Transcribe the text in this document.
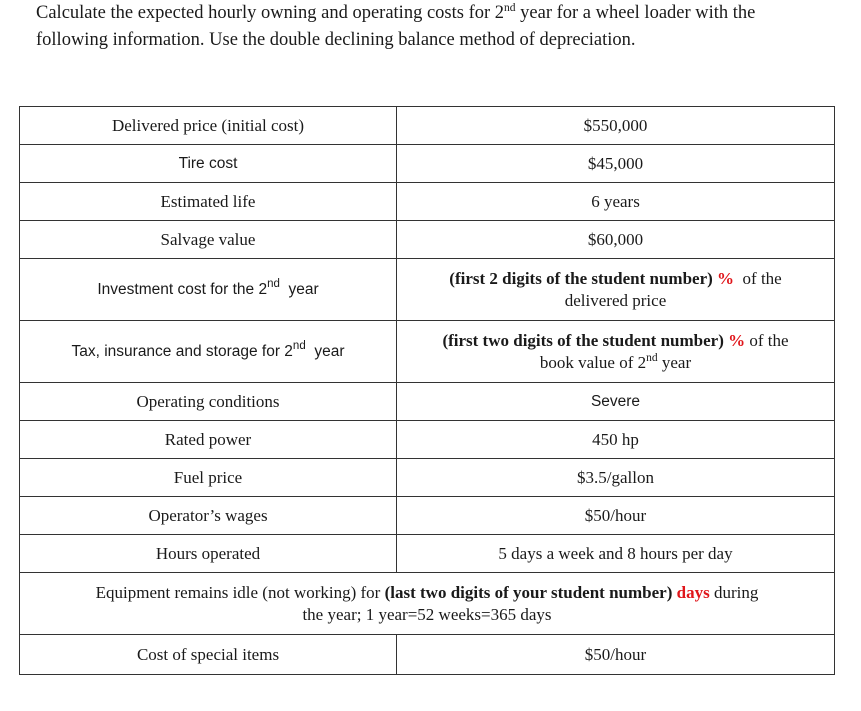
Calculate the expected hourly owning and operating costs for 2nd year for a wheel loader with the
following information. Use the double declining balance method of depreciation.

Delivered price (initial cost)	$550,000
Tire cost	$45,000
Estimated life	6 years
Salvage value	$60,000
Investment cost for the 2nd year	(first 2 digits of the student number) % of the
delivered price
Tax, insurance and storage for 2nd year	(first two digits of the student number) % of the
book value of 2nd year
Operating conditions	Severe
Rated power	450 hp
Fuel price	$3.5/gallon
Operator’s wages	$50/hour
Hours operated	5 days a week and 8 hours per day
Equipment remains idle (not working) for (last two digits of your student number) days during
the year; 1 year=52 weeks=365 days	
Cost of special items	$50/hour
